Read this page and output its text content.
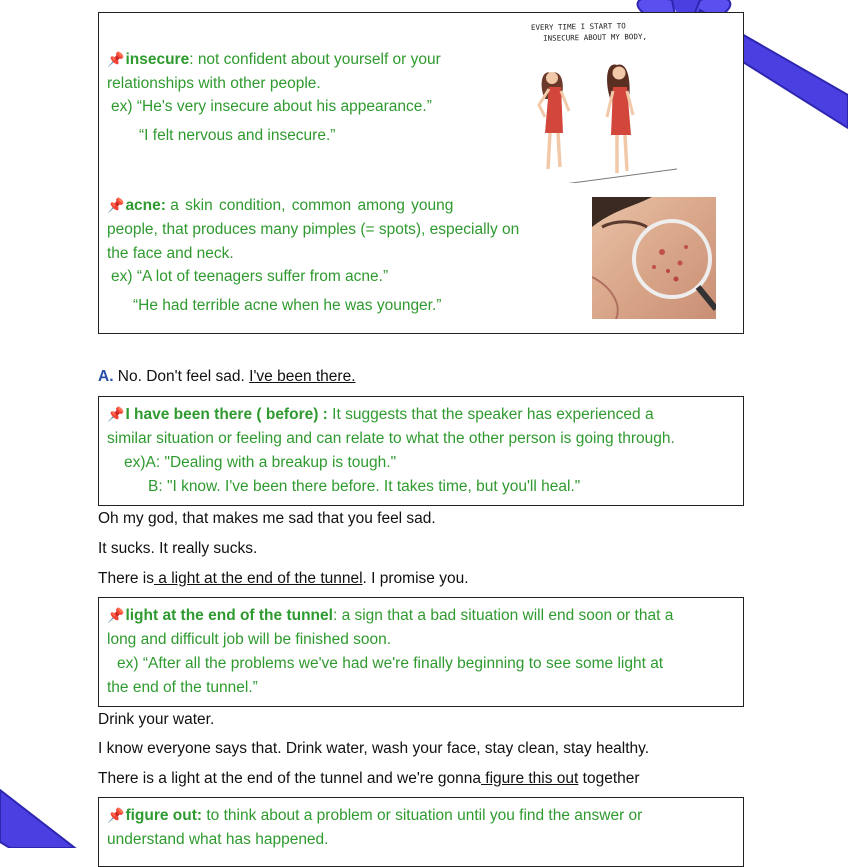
📌insecure: not confident about yourself or your
relationships with other people.
ex) “He's very insecure about his appearance.”
“I felt nervous and insecure.”
EVERY TIME I START TO
INSECURE ABOUT MY BODY,
📌acne: a skin condition, common among young
people, that produces many pimples (= spots), especially on
the face and neck.
ex) “A lot of teenagers suffer from acne.”
“He had terrible acne when he was younger.”
A. No. Don't feel sad. I've been there.
📌I have been there ( before) : It suggests that the speaker has experienced a
similar situation or feeling and can relate to what the other person is going through.
ex)A: "Dealing with a breakup is tough."
B: "I know. I've been there before. It takes time, but you'll heal."
Oh my god, that makes me sad that you feel sad.
It sucks. It really sucks.
There is a light at the end of the tunnel. I promise you.
📌light at the end of the tunnel: a sign that a bad situation will end soon or that a
long and difficult job will be finished soon.
ex) “After all the problems we've had we're finally beginning to see some light at
the end of the tunnel.”
Drink your water.
I know everyone says that. Drink water, wash your face, stay clean, stay healthy.
There is a light at the end of the tunnel and we're gonna figure this out together
📌figure out: to think about a problem or situation until you find the answer or
understand what has happened.
